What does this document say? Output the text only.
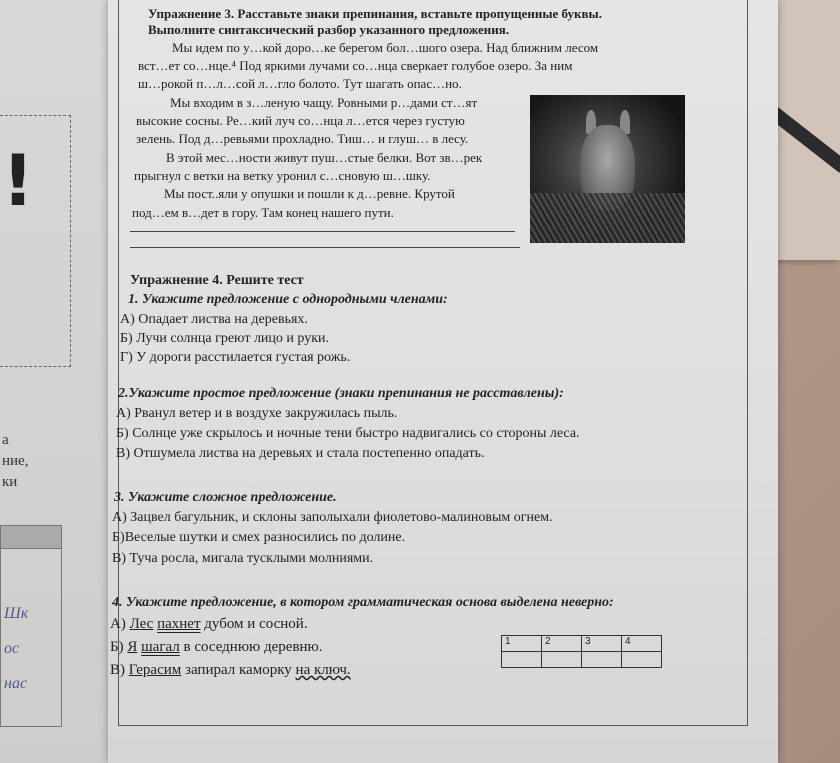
!
а
ние,
ки
Шк
ос
нас
Упражнение 3. Расставьте знаки препинания, вставьте пропущенные буквы.
Выполните синтаксический разбор указанного предложения.
Мы идем по у…кой доро…ке берегом бол…шого озера. Над ближним лесом
вст…ет со…нце.⁴ Под яркими лучами со…нца сверкает голубое озеро. За ним
ш…рокой п…л…сой л…гло болото. Тут шагать опас…но.
Мы входим в з…леную чащу. Ровными р…дами ст…ят
высокие сосны. Ре…кий луч со…нца л…ется через густую
зелень. Под д…ревьями прохладно. Тиш… и глуш… в лесу.
В этой мес…ности живут пуш…стые белки. Вот зв…рек
прыгнул с ветки на ветку уронил с…сновую ш…шку.
Мы пост..яли у опушки и пошли к д…ревне. Крутой
под…ем в…дет в гору. Там конец нашего пути.
Упражнение 4. Решите тест
1. Укажите предложение с однородными членами:
А) Опадает листва на деревьях.
Б) Лучи солнца греют лицо и руки.
Г) У дороги расстилается густая рожь.
2.Укажите простое предложение (знаки препинания не расставлены):
А) Рванул ветер и в воздухе закружилась пыль.
Б) Солнце уже скрылось и ночные тени быстро надвигались со стороны леса.
В) Отшумела листва на деревьях и стала постепенно опадать.
3. Укажите сложное предложение.
А) Зацвел багульник, и склоны заполыхали фиолетово-малиновым огнем.
Б)Веселые шутки и смех разносились по долине.
В) Туча росла, мигала тусклыми молниями.
4. Укажите предложение, в котором грамматическая основа выделена неверно:
А) Лес пахнет дубом и сосной.
Б) Я шагал в соседнюю деревню.
В) Герасим запирал каморку на ключ.
1	2	3	4
